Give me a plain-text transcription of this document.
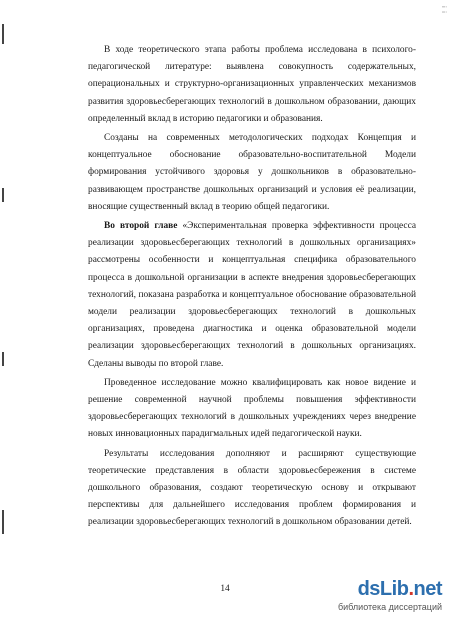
⁞ ⁞

В ходе теоретического этапа работы проблема исследована в психолого-педагогической литературе: выявлена совокупность содержательных, операциональных и структурно-организационных управленческих механизмов развития здоровьесберегающих технологий в дошкольном образовании, дающих определенный вклад в историю педагогики и образования.

Созданы на современных методологических подходах Концепция и концептуальное обоснование образовательно-воспитательной Модели формирования устойчивого здоровья у дошкольников в образовательно-развивающем пространстве дошкольных организаций и условия её реализации, вносящие существенный вклад в теорию общей педагогики.

Во второй главе «Экспериментальная проверка эффективности процесса реализации здоровьесберегающих технологий в дошкольных организациях» рассмотрены особенности и концептуальная специфика образовательного процесса в дошкольной организации в аспекте внедрения здоровьесберегающих технологий, показана разработка и концептуальное обоснование образовательной модели реализации здоровьесберегающих технологий в дошкольных организациях, проведена диагностика и оценка образовательной модели реализации здоровьесберегающих технологий в дошкольных организациях. Сделаны выводы по второй главе.

Проведенное исследование можно квалифицировать как новое видение и решение современной научной проблемы повышения эффективности здоровьесберегающих технологий в дошкольных учреждениях через внедрение новых инновационных парадигмальных идей педагогической науки.

Результаты исследования дополняют и расширяют существующие теоретические представления в области здоровьесбережения в системе дошкольного образования, создают теоретическую основу и открывают перспективы для дальнейшего исследования проблем формирования и реализации здоровьесберегающих технологий в дошкольном образовании детей.

14	dsLib.net
библиотека диссертаций
